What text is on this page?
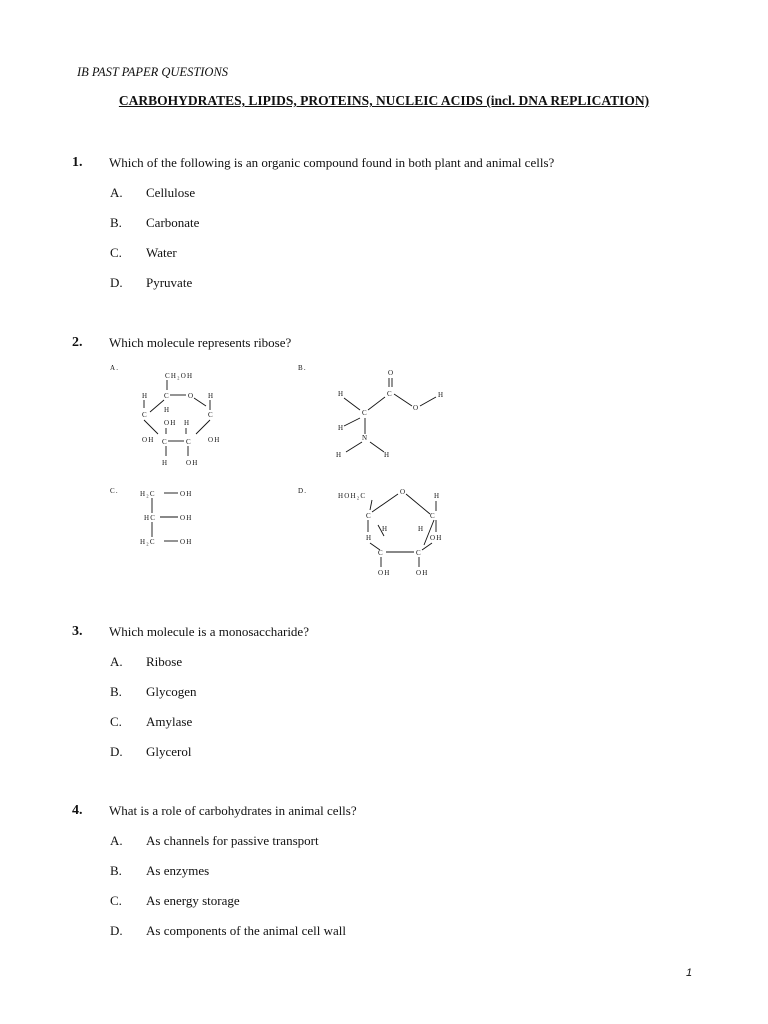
IB PAST PAPER QUESTIONS
CARBOHYDRATES, LIPIDS, PROTEINS, NUCLEIC ACIDS (incl. DNA REPLICATION)
1. Which of the following is an organic compound found in both plant and animal cells?
A. Cellulose
B. Carbonate
C. Water
D. Pyruvate
2. Which molecule represents ribose?
A.
CH₂OH
H C	O H
C
H
C
OH
OH H
OH
C	C
H	OH
B.
O
C
O
H
H
C
H
N
H	H
C.	H₂C	OH
HC	OH
H₂C	OH
D.
HOH₂C	O	H
C	C
H
H	H
OH
C	C
OH	OH
3. Which molecule is a monosaccharide?
A. Ribose
B. Glycogen
C. Amylase
D. Glycerol
4. What is a role of carbohydrates in animal cells?
A. As channels for passive transport
B. As enzymes
C. As energy storage
D. As components of the animal cell wall
1
